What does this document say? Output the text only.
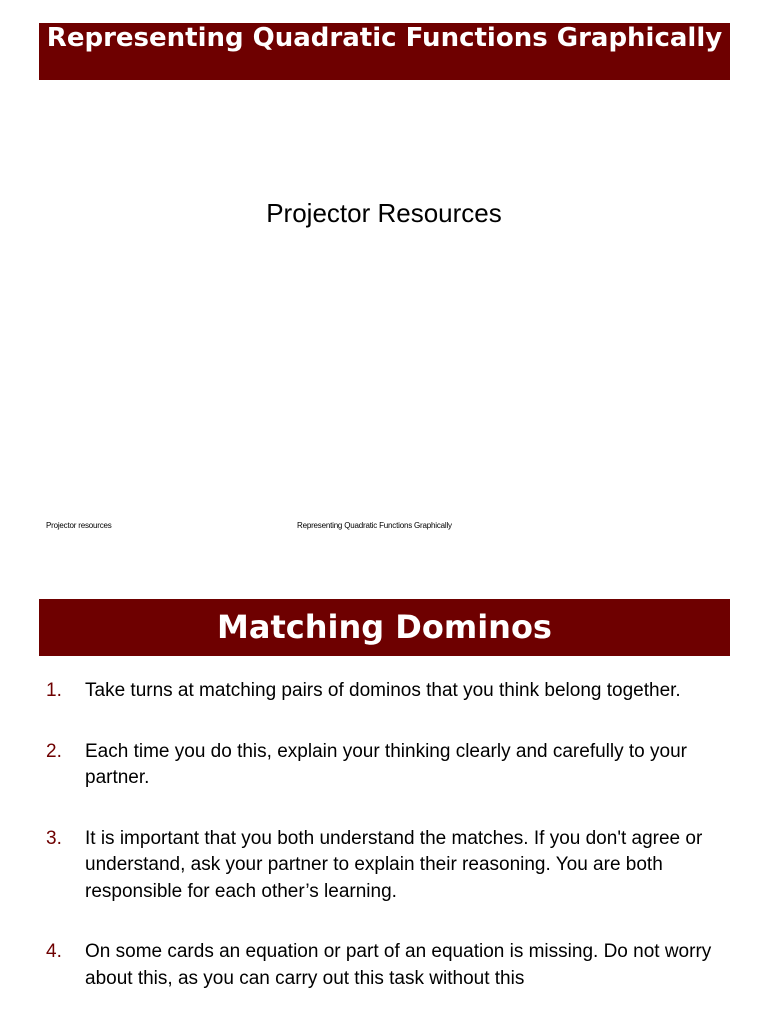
Representing Quadratic Functions Graphically
Projector Resources
Projector resources	Representing Quadratic Functions Graphically
Matching Dominos
1. Take turns at matching pairs of dominos that you think belong together.
2. Each time you do this, explain your thinking clearly and carefully to your partner.
3. It is important that you both understand the matches. If you don't agree or understand, ask your partner to explain their reasoning. You are both responsible for each other’s learning.
4. On some cards an equation or part of an equation is missing. Do not worry about this, as you can carry out this task without this
